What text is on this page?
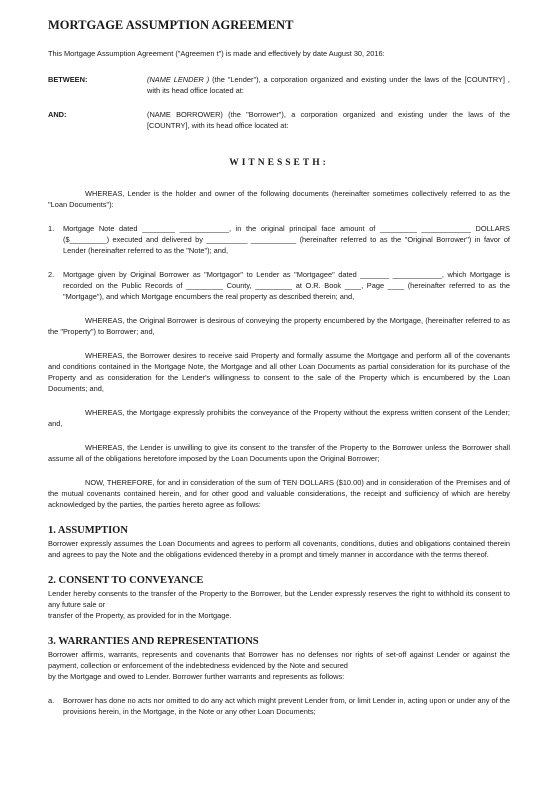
MORTGAGE ASSUMPTION AGREEMENT

This Mortgage Assumption Agreement ("Agreemen t") is made and effectively by date August 30, 2016:

BETWEEN:	(NAME LENDER ) (the "Lender"), a corporation organized and existing under the laws of the [COUNTRY] , with its head office located at:
AND:	(NAME BORROWER) (the "Borrower"), a corporation organized and existing under the laws of the [COUNTRY], with its head office located at:
WITNESSETH:

WHEREAS, Lender is the holder and owner of the following documents (hereinafter sometimes collectively referred to as the "Loan Documents"):

1.	Mortgage Note dated ________ ____________, in the original principal face amount of _________ ____________ DOLLARS ($_________) executed and delivered by __________ ___________ (hereinafter referred to as the "Original Borrower") in favor of Lender (hereinafter referred to as the "Note"); and,
2.	Mortgage given by Original Borrower as "Mortgagor" to Lender as "Mortgagee" dated _______ ____________, which Mortgage is recorded on the Public Records of _________ County, _________ at O.R. Book ____, Page ____ (hereinafter referred to as the "Mortgage"), and which Mortgage encumbers the real property as described therein; and,

WHEREAS, the Original Borrower is desirous of conveying the property encumbered by the Mortgage, (hereinafter referred to as the "Property") to Borrower; and,

WHEREAS, the Borrower desires to receive said Property and formally assume the Mortgage and perform all of the covenants and conditions contained in the Mortgage Note, the Mortgage and all other Loan Documents as partial consideration for its purchase of the Property and as consideration for the Lender's willingness to consent to the sale of the Property which is encumbered by the Loan Documents; and,

WHEREAS, the Mortgage expressly prohibits the conveyance of the Property without the express written consent of the Lender; and,

WHEREAS, the Lender is unwilling to give its consent to the transfer of the Property to the Borrower unless the Borrower shall assume all of the obligations heretofore imposed by the Loan Documents upon the Original Borrower;

NOW, THEREFORE, for and in consideration of the sum of TEN DOLLARS ($10.00) and in consideration of the Premises and of the mutual covenants contained herein, and for other good and valuable considerations, the receipt and sufficiency of which are hereby acknowledged by the parties, the parties hereto agree as follows:

1. ASSUMPTION

Borrower expressly assumes the Loan Documents and agrees to perform all covenants, conditions, duties and obligations contained therein and agrees to pay the Note and the obligations evidenced thereby in a prompt and timely manner in accordance with the terms thereof.

2. CONSENT TO CONVEYANCE

Lender hereby consents to the transfer of the Property to the Borrower, but the Lender expressly reserves the right to withhold its consent to any future sale or

transfer of the Property, as provided for in the Mortgage.

3. WARRANTIES AND REPRESENTATIONS

Borrower affirms, warrants, represents and covenants that Borrower has no defenses nor rights of set-off against Lender or against the payment, collection or enforcement of the indebtedness evidenced by the Note and secured

by the Mortgage and owed to Lender. Borrower further warrants and represents as follows:

a.	Borrower has done no acts nor omitted to do any act which might prevent Lender from, or limit Lender in, acting upon or under any of the provisions herein, in the Mortgage, in the Note or any other Loan Documents;
